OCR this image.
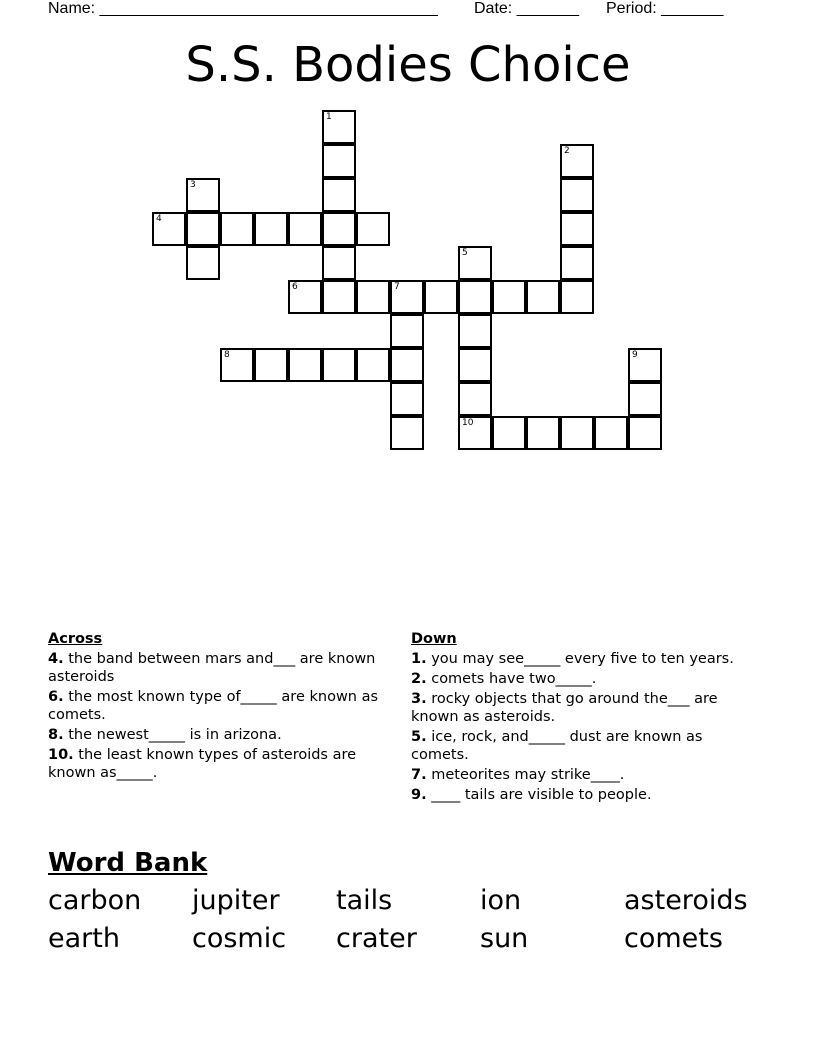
Name: ______________________________________ Date: _______ Period: _______
S.S. Bodies Choice
1
2
3
4
5
10
6	7
8	9
Across
4. the band between mars and___ are known asteroids
6. the most known type of_____ are known as comets.
8. the newest_____ is in arizona.
10. the least known types of asteroids are known as_____.
Down
1. you may see_____ every five to ten years.
2. comets have two_____.
3. rocky objects that go around the___ are known as asteroids.
5. ice, rock, and_____ dust are known as comets.
7. meteorites may strike____.
9. ____ tails are visible to people.
Word Bank
carbon	jupiter	tails	ion	asteroids
earth	cosmic	crater	sun	comets
